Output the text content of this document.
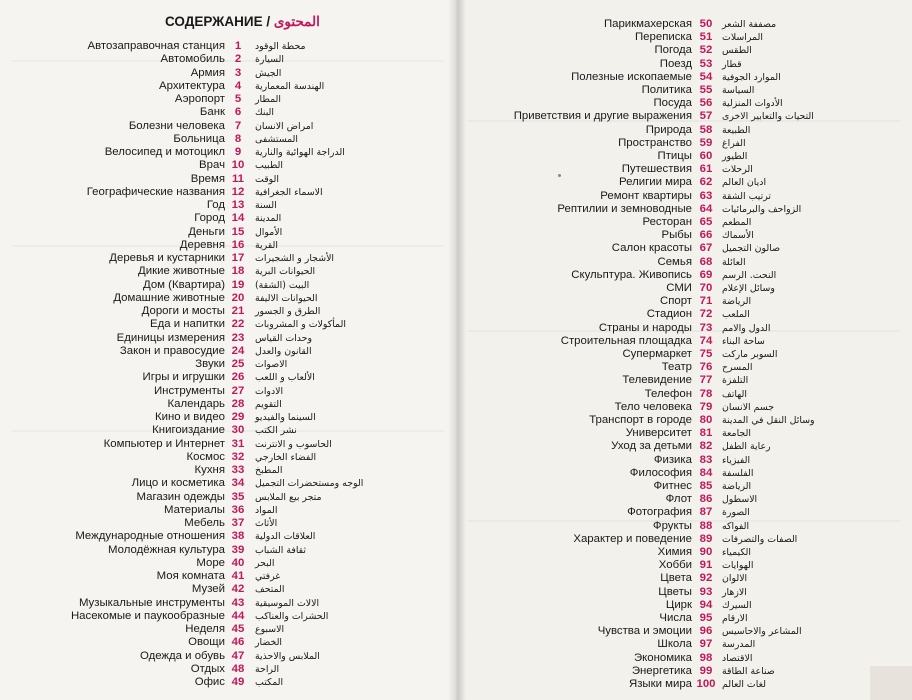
СОДЕРЖАНИЕ / المحتوى
Автозаправочная станция
Автомобиль
Армия
Архитектура
Аэропорт
Банк
Болезни человека
Больница
Велосипед и мотоцикл
Врач
Время
Географические названия
Год
Город
Деньги
Деревня
Деревья и кустарники
Дикие животные
Дом (Квартира)
Домашние животные
Дороги и мосты
Еда и напитки
Единицы измерения
Закон и правосудие
Звуки
Игры и игрушки
Инструменты
Календарь
Кино и видео
Книгоиздание
Компьютер и Интернет
Космос
Кухня
Лицо и косметика
Магазин одежды
Материалы
Мебель
Международные отношения
Молодёжная культура
Море
Моя комната
Музей
Музыкальные инструменты
Насекомые и паукообразные
Неделя
Овощи
Одежда и обувь
Отдых
Офис
1
2
3
4
5
6
7
8
9
10
11
12
13
14
15
16
17
18
19
20
21
22
23
24
25
26
27
28
29
30
31
32
33
34
35
36
37
38
39
40
41
42
43
44
45
46
47
48
49
محطة الوقود
السيارة
الجيش
الهندسة المعمارية
المطار
البنك
امراض الانسان
المستشفى
الدراجة الهوائية والنارية
الطبيب
الوقت
الاسماء الجغرافية
السنة
المدينة
الأموال
القرية
الأشجار و الشجيرات
الحيوانات البرية
البيت (الشقة)
الحيوانات الاليفة
الطرق و الجسور
المأكولات و المشروبات
وحدات القياس
القانون والعدل
الاصوات
الألعاب و اللعب
الادوات
التقويم
السينما والفيديو
نشر الكتب
الحاسوب و الانترنت
الفضاء الخارجي
المطبخ
الوجه ومستحضرات التجميل
متجر بيع الملابس
المواد
الأثاث
العلاقات الدولية
ثقافة الشباب
البحر
غرفتي
المتحف
الالات الموسيقية
الحشرات والعناكب
الاسبوع
الخضار
الملابس والاحذية
الراحة
المكتب
Парикмахерская
Переписка
Погода
Поезд
Полезные ископаемые
Политика
Посуда
Приветствия и другие выражения
Природа
Пространство
Птицы
Путешествия
Религии мира
Ремонт квартиры
Рептилии и земноводные
Ресторан
Рыбы
Салон красоты
Семья
Скульптура. Живопись
СМИ
Спорт
Стадион
Страны и народы
Строительная площадка
Супермаркет
Театр
Телевидение
Телефон
Тело человека
Транспорт в городе
Университет
Уход за детьми
Физика
Философия
Фитнес
Флот
Фотография
Фрукты
Характер и поведение
Химия
Хобби
Цвета
Цветы
Цирк
Числа
Чувства и эмоции
Школа
Экономика
Энергетика
Языки мира
50
51
52
53
54
55
56
57
58
59
60
61
62
63
64
65
66
67
68
69
70
71
72
73
74
75
76
77
78
79
80
81
82
83
84
85
86
87
88
89
90
91
92
93
94
95
96
97
98
99
100
مصففة الشعر
المراسلات
الطقس
قطار
الموارد الجوفية
السياسة
الأدوات المنزلية
التحيات والتعابير الاخرى
الطبيعة
الفراغ
الطيور
الرحلات
اديان العالم
ترتيب الشقة
الزواحف والبرمائيات
المطعم
الأسماك
صالون التجميل
العائلة
النحت. الرسم
وسائل الإعلام
الرياضة
الملعب
الدول والامم
ساحة البناء
السوبر ماركت
المسرح
التلفزة
الهاتف
جسم الانسان
وسائل النقل في المدينة
الجامعة
رعاية الطفل
الفيزياء
الفلسفة
الرياضة
الاسطول
الصورة
الفواكه
الصفات والتصرفات
الكيمياء
الهوايات
الالوان
الازهار
السيرك
الارقام
المشاعر والاحاسيس
المدرسة
الاقتصاد
صناعة الطاقة
لغات العالم
